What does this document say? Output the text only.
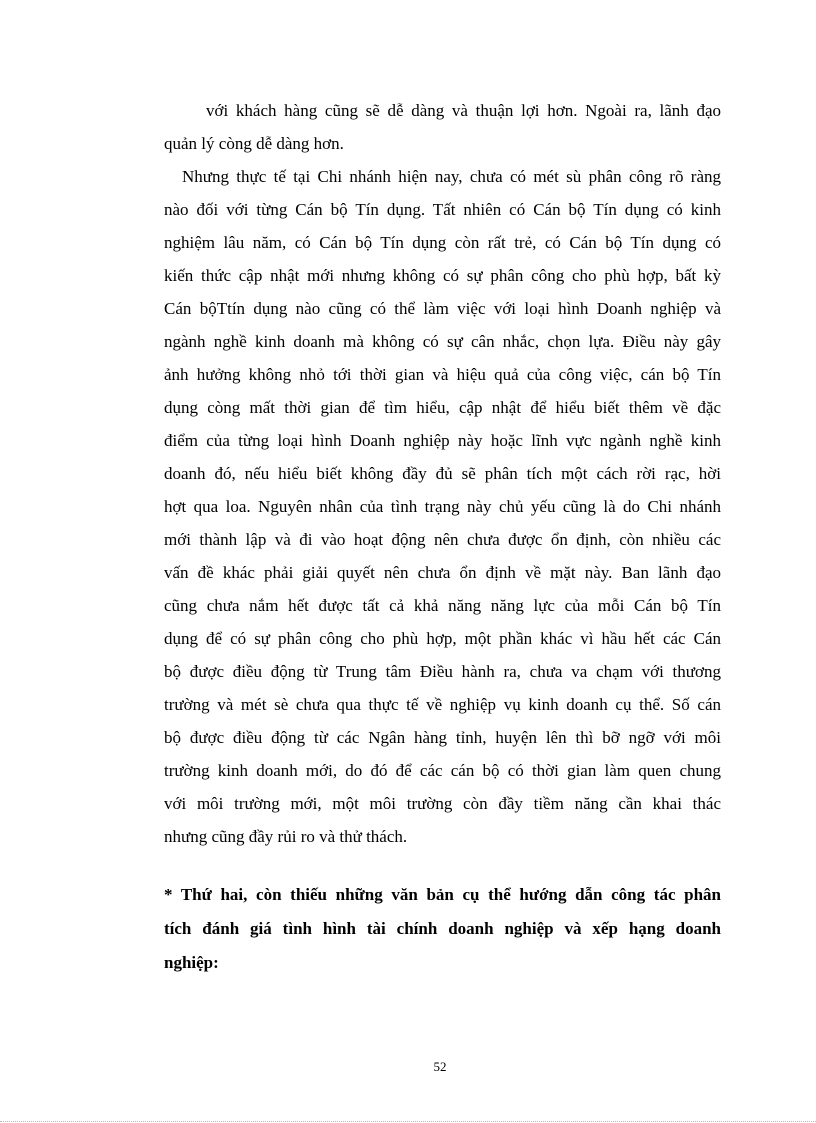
với khách hàng cũng sẽ dễ dàng và thuận lợi hơn. Ngoài ra, lãnh đạo

quản lý còng dễ dàng hơn.

Nhưng thực tế tại Chi nhánh hiện nay, chưa có mét sù phân công rõ ràng

nào đối với từng Cán bộ Tín dụng. Tất nhiên có Cán bộ Tín dụng có kinh

nghiệm lâu năm, có Cán bộ Tín dụng còn rất trẻ, có Cán bộ Tín dụng có

kiến thức cập nhật mới nhưng không có sự phân công cho phù hợp, bất kỳ

Cán bộTtín dụng nào cũng có thể làm việc với loại hình Doanh nghiệp và

ngành nghề kinh doanh mà không có sự cân nhắc, chọn lựa. Điều này gây

ảnh hưởng không nhỏ tới thời gian và hiệu quả của công việc, cán bộ Tín

dụng còng mất thời gian để tìm hiểu, cập nhật để hiểu biết thêm về đặc

điểm của từng loại hình Doanh nghiệp này hoặc lĩnh vực ngành nghề kinh

doanh đó, nếu hiểu biết không đầy đủ sẽ phân tích một cách rời rạc, hời

hợt qua loa. Nguyên nhân của tình trạng này chủ yếu cũng là do Chi nhánh

mới thành lập và đi vào hoạt động nên chưa được ổn định, còn nhiều các

vấn đề khác phải giải quyết nên chưa ổn định về mặt này. Ban lãnh đạo

cũng chưa nắm hết được tất cả khả năng năng lực của mỗi Cán bộ Tín

dụng để có sự phân công cho phù hợp, một phần khác vì hầu hết các Cán

bộ được điều động từ Trung tâm Điều hành ra, chưa va chạm với thương

trường và mét sè chưa qua thực tế về nghiệp vụ kinh doanh cụ thể. Số cán

bộ được điều động từ các Ngân hàng tỉnh, huyện lên thì bỡ ngỡ với môi

trường kinh doanh mới, do đó để các cán bộ có thời gian làm quen chung

với môi trường mới, một môi trường còn đầy tiềm năng cần khai thác

nhưng cũng đầy rủi ro và thử thách.

* Thứ hai, còn thiếu những văn bản cụ thể hướng dẫn công tác phân

tích đánh giá tình hình tài chính doanh nghiệp và xếp hạng doanh

nghiệp:

52
